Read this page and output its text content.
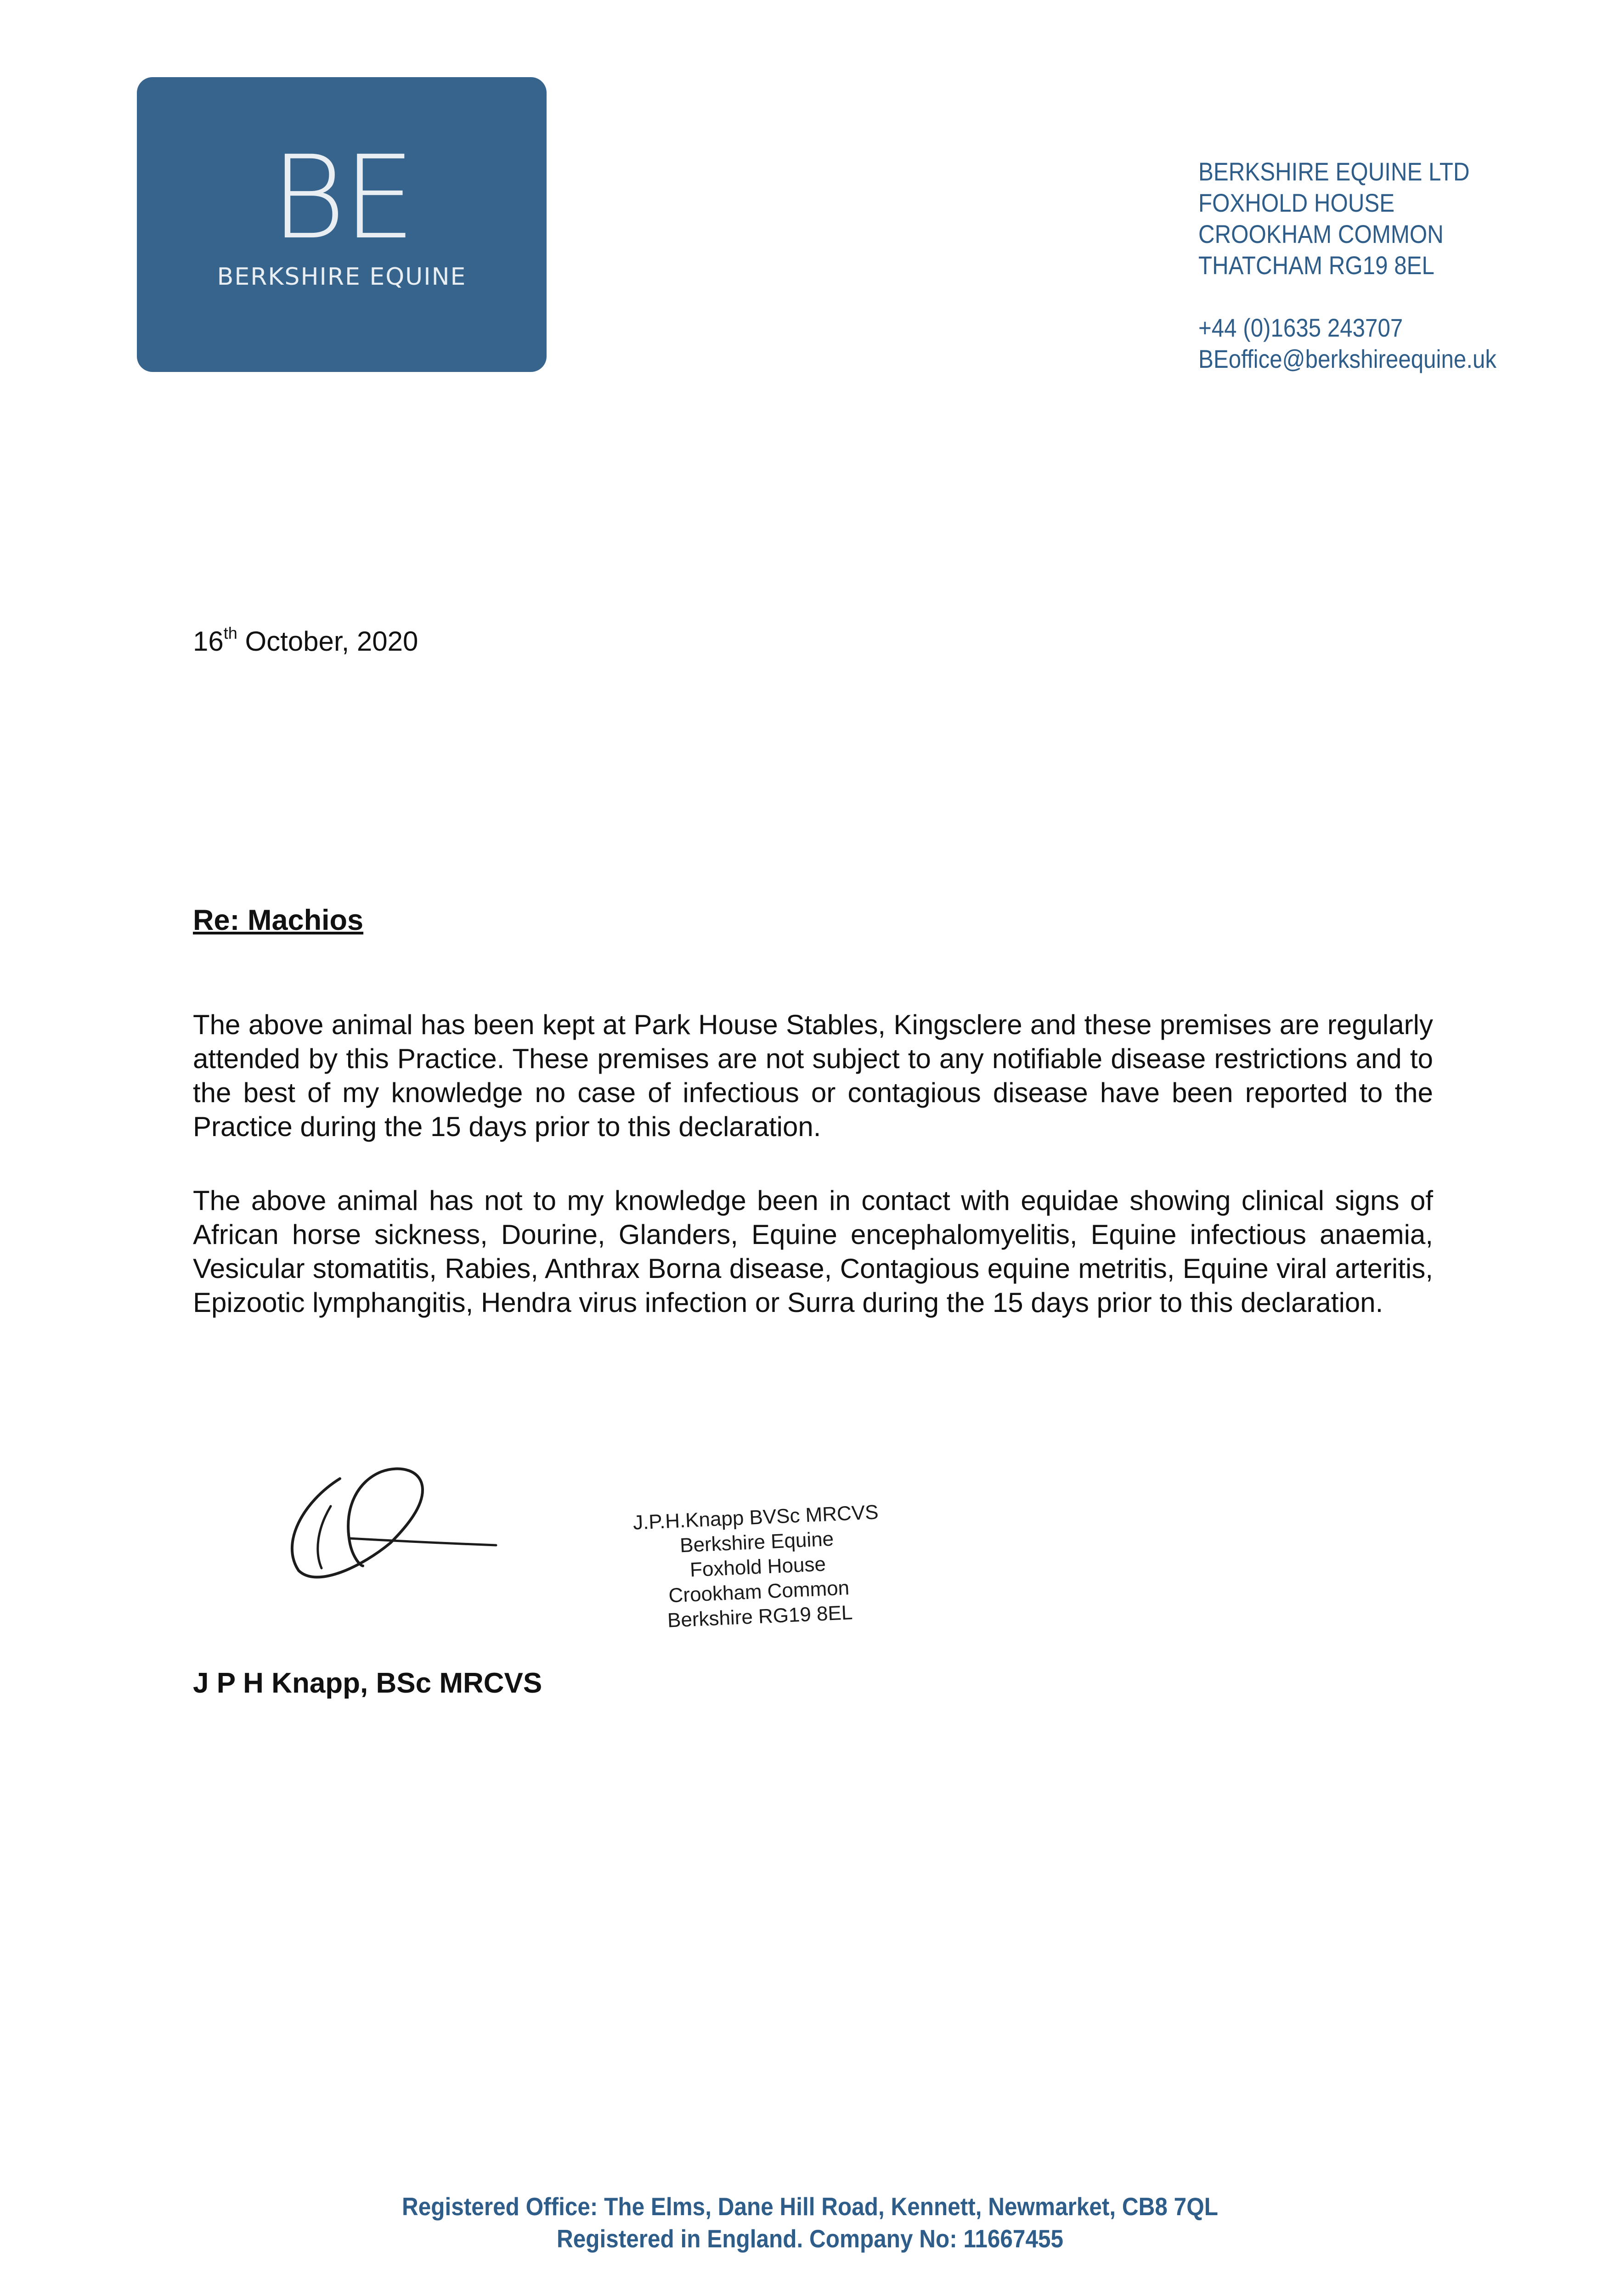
BE
BERKSHIRE EQUINE
BERKSHIRE EQUINE LTD
FOXHOLD HOUSE
CROOKHAM COMMON
THATCHAM RG19 8EL
+44 (0)1635 243707
BEoffice@berkshireequine.uk
16th October, 2020
Re: Machios
The above animal has been kept at Park House Stables, Kingsclere and these premises are regularly attended by this Practice. These premises are not subject to any notifiable disease restrictions and to the best of my knowledge no case of infectious or contagious disease have been reported to the Practice during the 15 days prior to this declaration.
The above animal has not to my knowledge been in contact with equidae showing clinical signs of African horse sickness, Dourine, Glanders, Equine encephalomyelitis, Equine infectious anaemia, Vesicular stomatitis, Rabies, Anthrax Borna disease, Contagious equine metritis, Equine viral arteritis, Epizootic lymphangitis, Hendra virus infection or Surra during the 15 days prior to this declaration.
J.P.H.Knapp BVSc MRCVS
Berkshire Equine
Foxhold House
Crookham Common
Berkshire RG19 8EL
J P H Knapp, BSc MRCVS
Registered Office: The Elms, Dane Hill Road, Kennett, Newmarket, CB8 7QL
Registered in England. Company No: 11667455
